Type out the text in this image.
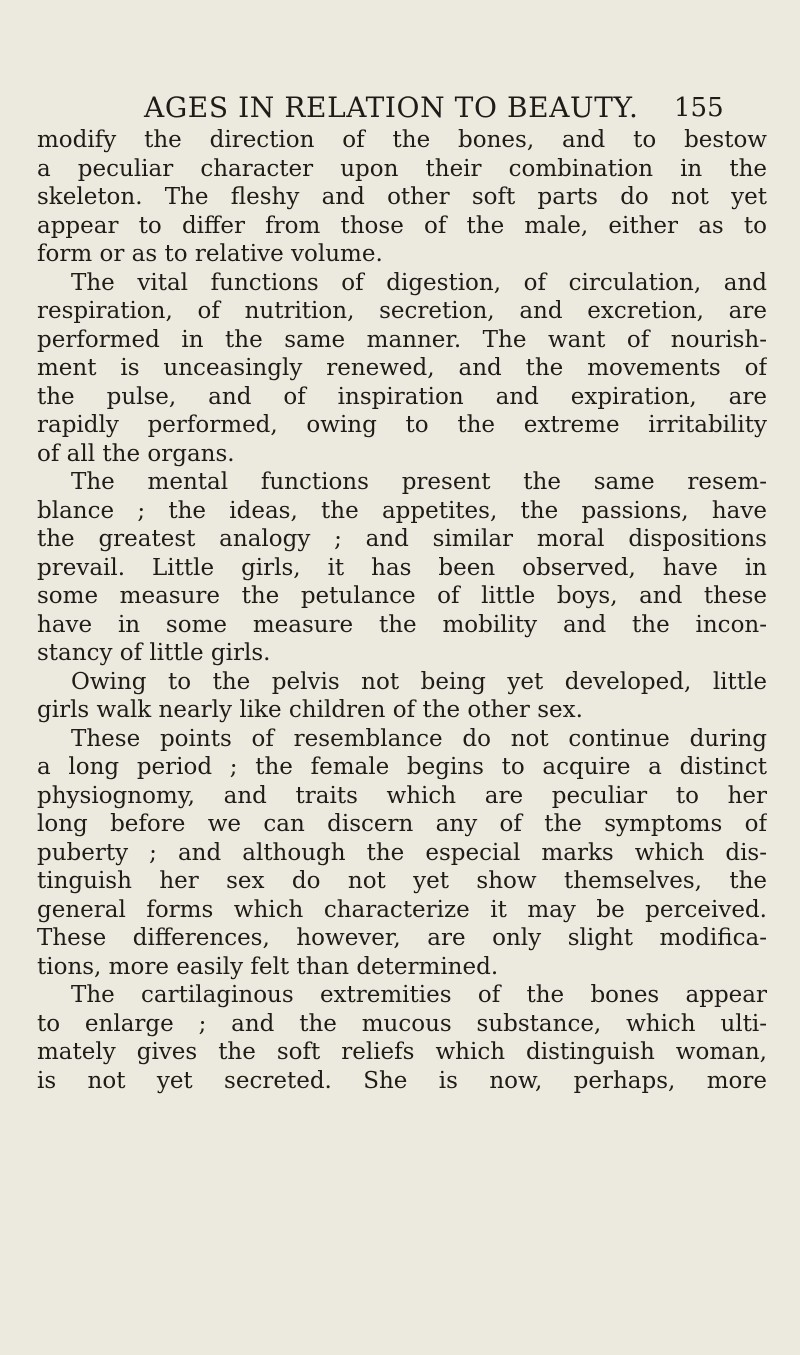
AGES IN RELATION TO BEAUTY. 155
modify the direction of the bones, and to bestow
a peculiar character upon their combination in the
skeleton. The fleshy and other soft parts do not yet
appear to differ from those of the male, either as to
form or as to relative volume.
The vital functions of digestion, of circulation, and
respiration, of nutrition, secretion, and excretion, are
performed in the same manner. The want of nourish-
ment is unceasingly renewed, and the movements of
the pulse, and of inspiration and expiration, are
rapidly performed, owing to the extreme irritability
of all the organs.
The mental functions present the same resem-
blance ; the ideas, the appetites, the passions, have
the greatest analogy ; and similar moral dispositions
prevail. Little girls, it has been observed, have in
some measure the petulance of little boys, and these
have in some measure the mobility and the incon-
stancy of little girls.
Owing to the pelvis not being yet developed, little
girls walk nearly like children of the other sex.
These points of resemblance do not continue during
a long period ; the female begins to acquire a distinct
physiognomy, and traits which are peculiar to her
long before we can discern any of the symptoms of
puberty ; and although the especial marks which dis-
tinguish her sex do not yet show themselves, the
general forms which characterize it may be perceived.
These differences, however, are only slight modifica-
tions, more easily felt than determined.
The cartilaginous extremities of the bones appear
to enlarge ; and the mucous substance, which ulti-
mately gives the soft reliefs which distinguish woman,
is not yet secreted. She is now, perhaps, more
